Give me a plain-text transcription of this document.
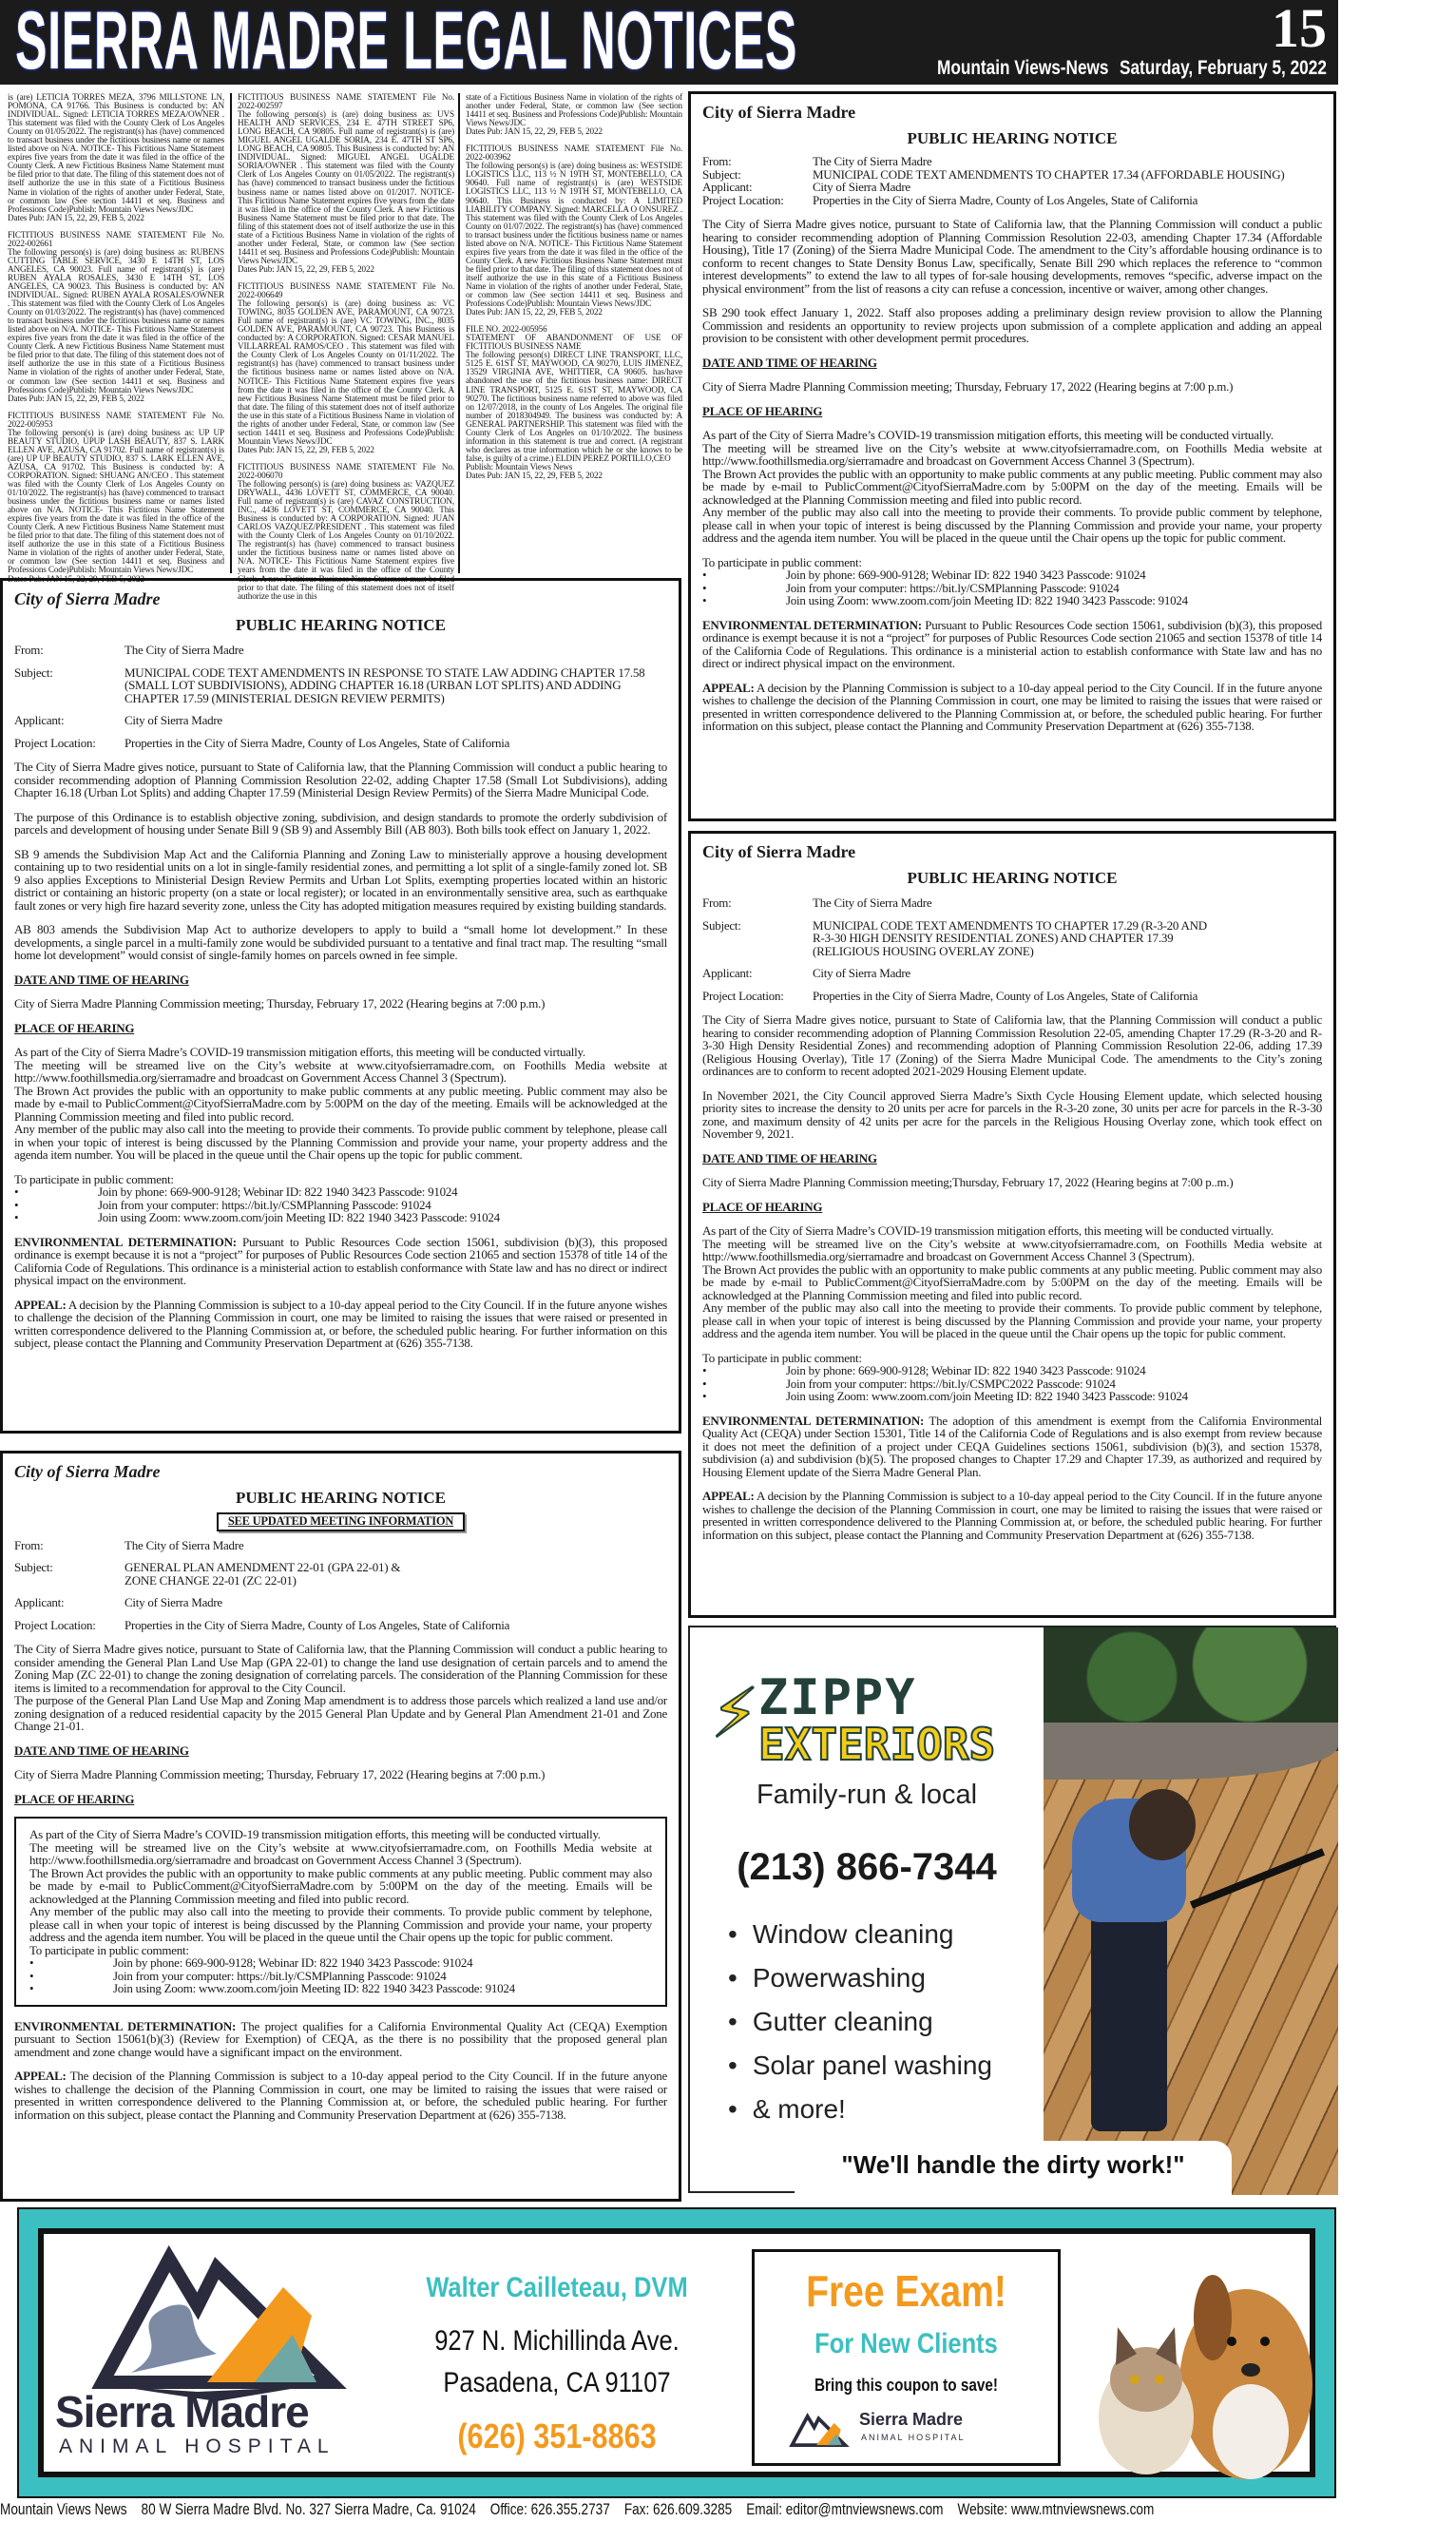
SIERRA MADRE LEGAL NOTICES	15
Mountain Views-News Saturday, February 5, 2022
is (are) LETICIA TORRES MEZA, 3796 MILLSTONE LN, POMONA, CA 91766. This Business is conducted by: AN INDIVIDUAL. Signed: LETICIA TORRES MEZA/OWNER . This statement was filed with the County Clerk of Los Angeles County on 01/05/2022. The registrant(s) has (have) commenced to transact business under the fictitious business name or names listed above on N/A. NOTICE- This Fictitious Name Statement expires five years from the date it was filed in the office of the County Clerk. A new Fictitious Business Name Statement must be filed prior to that date. The filing of this statement does not of itself authorize the use in this state of a Fictitious Business Name in violation of the rights of another under Federal, State, or common law (See section 14411 et seq. Business and Professions Code)Publish: Mountain Views News/JDC
Dates Pub: JAN 15, 22, 29, FEB 5, 2022
FICTITIOUS BUSINESS NAME STATEMENT File No. 2022-002661
The following person(s) is (are) doing business as: RUBENS CUTTING TABLE SERVICE, 3430 E 14TH ST, LOS ANGELES, CA 90023. Full name of registrant(s) is (are) RUBEN AYALA ROSALES, 3430 E 14TH ST, LOS ANGELES, CA 90023. This Business is conducted by: AN INDIVIDUAL. Signed: RUBEN AYALA ROSALES/OWNER . This statement was filed with the County Clerk of Los Angeles County on 01/03/2022. The registrant(s) has (have) commenced to transact business under the fictitious business name or names listed above on N/A. NOTICE- This Fictitious Name Statement expires five years from the date it was filed in the office of the County Clerk. A new Fictitious Business Name Statement must be filed prior to that date. The filing of this statement does not of itself authorize the use in this state of a Fictitious Business Name in violation of the rights of another under Federal, State, or common law (See section 14411 et seq. Business and Professions Code)Publish: Mountain Views News/JDC
Dates Pub: JAN 15, 22, 29, FEB 5, 2022
FICTITIOUS BUSINESS NAME STATEMENT File No. 2022-005953
The following person(s) is (are) doing business as: UP UP BEAUTY STUDIO, UPUP LASH BEAUTY, 837 S. LARK ELLEN AVE, AZUSA, CA 91702. Full name of registrant(s) is (are) UP UP BEAUTY STUDIO, 837 S. LARK ELLEN AVE, AZUSA, CA 91702. This Business is conducted by: A CORPORATION. Signed: SHUANG AN/CEO . This statement was filed with the County Clerk of Los Angeles County on 01/10/2022. The registrant(s) has (have) commenced to transact business under the fictitious business name or names listed above on N/A. NOTICE- This Fictitious Name Statement expires five years from the date it was filed in the office of the County Clerk. A new Fictitious Business Name Statement must be filed prior to that date. The filing of this statement does not of itself authorize the use in this state of a Fictitious Business Name in violation of the rights of another under Federal, State, or common law (See section 14411 et seq. Business and Professions Code)Publish: Mountain Views News/JDC
Dates Pub: JAN 15, 22, 29, FEB 5, 2022
FICTITIOUS BUSINESS NAME STATEMENT File No. 2022-002597
The following person(s) is (are) doing business as: UVS HEALTH AND SERVICES, 234 E. 47TH STREET SP6, LONG BEACH, CA 90805. Full name of registrant(s) is (are) MIGUEL ANGEL UGALDE SORIA, 234 E. 47TH ST SP6, LONG BEACH, CA 90805. This Business is conducted by: AN INDIVIDUAL. Signed: MIGUEL ANGEL UGALDE SORIA/OWNER . This statement was filed with the County Clerk of Los Angeles County on 01/05/2022. The registrant(s) has (have) commenced to transact business under the fictitious business name or names listed above on 01/2017. NOTICE- This Fictitious Name Statement expires five years from the date it was filed in the office of the County Clerk. A new Fictitious Business Name Statement must be filed prior to that date. The filing of this statement does not of itself authorize the use in this state of a Fictitious Business Name in violation of the rights of another under Federal, State, or common law (See section 14411 et seq. Business and Professions Code)Publish: Mountain Views News/JDC
Dates Pub: JAN 15, 22, 29, FEB 5, 2022
FICTITIOUS BUSINESS NAME STATEMENT File No. 2022-006649
The following person(s) is (are) doing business as: VC TOWING, 8035 GOLDEN AVE, PARAMOUNT, CA 90723. Full name of registrant(s) is (are) VC TOWING, INC., 8035 GOLDEN AVE, PARAMOUNT, CA 90723. This Business is conducted by: A CORPORATION. Signed: CESAR MANUEL VILLARREAL RAMOS/CEO . This statement was filed with the County Clerk of Los Angeles County on 01/11/2022. The registrant(s) has (have) commenced to transact business under the fictitious business name or names listed above on N/A. NOTICE- This Fictitious Name Statement expires five years from the date it was filed in the office of the County Clerk. A new Fictitious Business Name Statement must be filed prior to that date. The filing of this statement does not of itself authorize the use in this state of a Fictitious Business Name in violation of the rights of another under Federal, State, or common law (See section 14411 et seq. Business and Professions Code)Publish: Mountain Views News/JDC
Dates Pub: JAN 15, 22, 29, FEB 5, 2022
FICTITIOUS BUSINESS NAME STATEMENT File No. 2022-006070
The following person(s) is (are) doing business as: VAZQUEZ DRYWALL, 4436 LOVETT ST, COMMERCE, CA 90040. Full name of registrant(s) is (are) CAVAZ CONSTRUCTION, INC., 4436 LOVETT ST, COMMERCE, CA 90040. This Business is conducted by: A CORPORATION. Signed: JUAN CARLOS VAZQUEZ/PRESIDENT . This statement was filed with the County Clerk of Los Angeles County on 01/10/2022. The registrant(s) has (have) commenced to transact business under the fictitious business name or names listed above on N/A. NOTICE- This Fictitious Name Statement expires five years from the date it was filed in the office of the County Clerk. A new Fictitious Business Name Statement must be filed prior to that date. The filing of this statement does not of itself authorize the use in this
state of a Fictitious Business Name in violation of the rights of another under Federal, State, or common law (See section 14411 et seq. Business and Professions Code)Publish: Mountain Views News/JDC
Dates Pub: JAN 15, 22, 29, FEB 5, 2022
FICTITIOUS BUSINESS NAME STATEMENT File No. 2022-003962
The following person(s) is (are) doing business as: WESTSIDE LOGISTICS LLC, 113 ½ N 19TH ST, MONTEBELLO, CA 90640. Full name of registrant(s) is (are) WESTSIDE LOGISTICS LLC, 113 ½ N 19TH ST, MONTEBELLO, CA 90640. This Business is conducted by: A LIMITED LIABILITY COMPANY. Signed: MARCELLA O ONSUREZ . This statement was filed with the County Clerk of Los Angeles County on 01/07/2022. The registrant(s) has (have) commenced to transact business under the fictitious business name or names listed above on N/A. NOTICE- This Fictitious Name Statement expires five years from the date it was filed in the office of the County Clerk. A new Fictitious Business Name Statement must be filed prior to that date. The filing of this statement does not of itself authorize the use in this state of a Fictitious Business Name in violation of the rights of another under Federal, State, or common law (See section 14411 et seq. Business and Professions Code)Publish: Mountain Views News/JDC
Dates Pub: JAN 15, 22, 29, FEB 5, 2022
FILE NO. 2022-005956
STATEMENT OF ABANDONMENT OF USE OF FICTITIOUS BUSINESS NAME
The following person(s) DIRECT LINE TRANSPORT, LLC, 5125 E. 61ST ST, MAYWOOD, CA 90270, LUIS JIMENEZ, 13529 VIRGINIA AVE, WHITTIER, CA 90605. has/have abandoned the use of the fictitious business name: DIRECT LINE TRANSPORT, 5125 E. 61ST ST, MAYWOOD, CA 90270. The fictitious business name referred to above was filed on 12/07/2018, in the county of Los Angeles. The original file number of 2018304949. The business was conducted by: A GENERAL PARTNERSHIP. This statement was filed with the County Clerk of Los Angeles on 01/10/2022. The business information in this statement is true and correct. (A registrant who declares as true information which he or she knows to be false, is guilty of a crime.) ELDIN PEREZ PORTILLO,CEO
Publish: Mountain Views News
Dates Pub: JAN 15, 22, 29, FEB 5, 2022
City of Sierra Madre
PUBLIC HEARING NOTICE
From:	The City of Sierra Madre
Subject:	MUNICIPAL CODE TEXT AMENDMENTS IN RESPONSE TO STATE LAW ADDING CHAPTER 17.58 (SMALL LOT SUBDIVISIONS), ADDING CHAPTER 16.18 (URBAN LOT SPLITS) AND ADDING CHAPTER 17.59 (MINISTERIAL DESIGN REVIEW PERMITS)
Applicant:	City of Sierra Madre
Project Location:	Properties in the City of Sierra Madre, County of Los Angeles, State of California
The City of Sierra Madre gives notice, pursuant to State of California law, that the Planning Commission will conduct a public hearing to consider recommending adoption of Planning Commission Resolution 22-02, adding Chapter 17.58 (Small Lot Subdivisions), adding Chapter 16.18 (Urban Lot Splits) and adding Chapter 17.59 (Ministerial Design Review Permits) of the Sierra Madre Municipal Code.
The purpose of this Ordinance is to establish objective zoning, subdivision, and design standards to promote the orderly subdivision of parcels and development of housing under Senate Bill 9 (SB 9) and Assembly Bill (AB 803). Both bills took effect on January 1, 2022.
SB 9 amends the Subdivision Map Act and the California Planning and Zoning Law to ministerially approve a housing development containing up to two residential units on a lot in single-family residential zones, and permitting a lot split of a single-family zoned lot. SB 9 also applies Exceptions to Ministerial Design Review Permits and Urban Lot Splits, exempting properties located within an historic district or containing an historic property (on a state or local register); or located in an environmentally sensitive area, such as earthquake fault zones or very high fire hazard severity zone, unless the City has adopted mitigation measures required by existing building standards.
AB 803 amends the Subdivision Map Act to authorize developers to apply to build a “small home lot development.” In these developments, a single parcel in a multi-family zone would be subdivided pursuant to a tentative and final tract map. The resulting “small home lot development” would consist of single-family homes on parcels owned in fee simple.
DATE AND TIME OF HEARING
City of Sierra Madre Planning Commission meeting; Thursday, February 17, 2022 (Hearing begins at 7:00 p.m.)
PLACE OF HEARING
As part of the City of Sierra Madre’s COVID-19 transmission mitigation efforts, this meeting will be conducted virtually.
The meeting will be streamed live on the City’s website at www.cityofsierramadre.com, on Foothills Media website at http://www.foothillsmedia.org/sierramadre and broadcast on Government Access Channel 3 (Spectrum).
The Brown Act provides the public with an opportunity to make public comments at any public meeting. Public comment may also be made by e-mail to PublicComment@CityofSierraMadre.com by 5:00PM on the day of the meeting. Emails will be acknowledged at the Planning Commission meeting and filed into public record.
Any member of the public may also call into the meeting to provide their comments. To provide public comment by telephone, please call in when your topic of interest is being discussed by the Planning Commission and provide your name, your property address and the agenda item number. You will be placed in the queue until the Chair opens up the topic for public comment.
To participate in public comment:
•	Join by phone: 669-900-9128; Webinar ID: 822 1940 3423 Passcode: 91024
•	Join from your computer: https://bit.ly/CSMPlanning Passcode: 91024
•	Join using Zoom: www.zoom.com/join Meeting ID: 822 1940 3423 Passcode: 91024
ENVIRONMENTAL DETERMINATION: Pursuant to Public Resources Code section 15061, subdivision (b)(3), this proposed ordinance is exempt because it is not a “project” for purposes of Public Resources Code section 21065 and section 15378 of title 14 of the California Code of Regulations. This ordinance is a ministerial action to establish conformance with State law and has no direct or indirect physical impact on the environment.
APPEAL: A decision by the Planning Commission is subject to a 10-day appeal period to the City Council. If in the future anyone wishes to challenge the decision of the Planning Commission in court, one may be limited to raising the issues that were raised or presented in written correspondence delivered to the Planning Commission at, or before, the scheduled public hearing. For further information on this subject, please contact the Planning and Community Preservation Department at (626) 355-7138.
City of Sierra Madre
PUBLIC HEARING NOTICE
SEE UPDATED MEETING INFORMATION
From:	The City of Sierra Madre
Subject:	GENERAL PLAN AMENDMENT 22-01 (GPA 22-01) &
ZONE CHANGE 22-01 (ZC 22-01)
Applicant:	City of Sierra Madre
Project Location:	Properties in the City of Sierra Madre, County of Los Angeles, State of California
The City of Sierra Madre gives notice, pursuant to State of California law, that the Planning Commission will conduct a public hearing to consider amending the General Plan Land Use Map (GPA 22-01) to change the land use designation of certain parcels and to amend the Zoning Map (ZC 22-01) to change the zoning designation of correlating parcels. The consideration of the Planning Commission for these items is limited to a recommendation for approval to the City Council.
The purpose of the General Plan Land Use Map and Zoning Map amendment is to address those parcels which realized a land use and/or zoning designation of a reduced residential capacity by the 2015 General Plan Update and by General Plan Amendment 21-01 and Zone Change 21-01.
DATE AND TIME OF HEARING
City of Sierra Madre Planning Commission meeting; Thursday, February 17, 2022 (Hearing begins at 7:00 p.m.)
PLACE OF HEARING
As part of the City of Sierra Madre’s COVID-19 transmission mitigation efforts, this meeting will be conducted virtually.
The meeting will be streamed live on the City’s website at www.cityofsierramadre.com, on Foothills Media website at http://www.foothillsmedia.org/sierramadre and broadcast on Government Access Channel 3 (Spectrum).
The Brown Act provides the public with an opportunity to make public comments at any public meeting. Public comment may also be made by e-mail to PublicComment@CityofSierraMadre.com by 5:00PM on the day of the meeting. Emails will be acknowledged at the Planning Commission meeting and filed into public record.
Any member of the public may also call into the meeting to provide their comments. To provide public comment by telephone, please call in when your topic of interest is being discussed by the Planning Commission and provide your name, your property address and the agenda item number. You will be placed in the queue until the Chair opens up the topic for public comment.
To participate in public comment:
•	Join by phone: 669-900-9128; Webinar ID: 822 1940 3423 Passcode: 91024
•	Join from your computer: https://bit.ly/CSMPlanning Passcode: 91024
•	Join using Zoom: www.zoom.com/join Meeting ID: 822 1940 3423 Passcode: 91024
ENVIRONMENTAL DETERMINATION: The project qualifies for a California Environmental Quality Act (CEQA) Exemption pursuant to Section 15061(b)(3) (Review for Exemption) of CEQA, as the there is no possibility that the proposed general plan amendment and zone change would have a significant impact on the environment.
APPEAL: The decision of the Planning Commission is subject to a 10-day appeal period to the City Council. If in the future anyone wishes to challenge the decision of the Planning Commission in court, one may be limited to raising the issues that were raised or presented in written correspondence delivered to the Planning Commission at, or before, the scheduled public hearing. For further information on this subject, please contact the Planning and Community Preservation Department at (626) 355-7138.
City of Sierra Madre
PUBLIC HEARING NOTICE
From:	The City of Sierra Madre
Subject:	MUNICIPAL CODE TEXT AMENDMENTS TO CHAPTER 17.34 (AFFORDABLE HOUSING)
Applicant:	City of Sierra Madre
Project Location:	Properties in the City of Sierra Madre, County of Los Angeles, State of California
The City of Sierra Madre gives notice, pursuant to State of California law, that the Planning Commission will conduct a public hearing to consider recommending adoption of Planning Commission Resolution 22-03, amending Chapter 17.34 (Affordable Housing), Title 17 (Zoning) of the Sierra Madre Municipal Code. The amendment to the City’s affordable housing ordinance is to conform to recent changes to State Density Bonus Law, specifically, Senate Bill 290 which replaces the reference to “common interest developments” to extend the law to all types of for-sale housing developments, removes “specific, adverse impact on the physical environment” from the list of reasons a city can refuse a concession, incentive or waiver, among other changes.
SB 290 took effect January 1, 2022. Staff also proposes adding a preliminary design review provision to allow the Planning Commission and residents an opportunity to review projects upon submission of a complete application and adding an appeal provision to be consistent with other development permit procedures.
DATE AND TIME OF HEARING
City of Sierra Madre Planning Commission meeting; Thursday, February 17, 2022 (Hearing begins at 7:00 p.m.)
PLACE OF HEARING
As part of the City of Sierra Madre’s COVID-19 transmission mitigation efforts, this meeting will be conducted virtually.
The meeting will be streamed live on the City’s website at www.cityofsierramadre.com, on Foothills Media website at http://www.foothillsmedia.org/sierramadre and broadcast on Government Access Channel 3 (Spectrum).
The Brown Act provides the public with an opportunity to make public comments at any public meeting. Public comment may also be made by e-mail to PublicComment@CityofSierraMadre.com by 5:00PM on the day of the meeting. Emails will be acknowledged at the Planning Commission meeting and filed into public record.
Any member of the public may also call into the meeting to provide their comments. To provide public comment by telephone, please call in when your topic of interest is being discussed by the Planning Commission and provide your name, your property address and the agenda item number. You will be placed in the queue until the Chair opens up the topic for public comment.
To participate in public comment:
•	Join by phone: 669-900-9128; Webinar ID: 822 1940 3423 Passcode: 91024
•	Join from your computer: https://bit.ly/CSMPlanning Passcode: 91024
•	Join using Zoom: www.zoom.com/join Meeting ID: 822 1940 3423 Passcode: 91024
ENVIRONMENTAL DETERMINATION: Pursuant to Public Resources Code section 15061, subdivision (b)(3), this proposed ordinance is exempt because it is not a “project” for purposes of Public Resources Code section 21065 and section 15378 of title 14 of the California Code of Regulations. This ordinance is a ministerial action to establish conformance with State law and has no direct or indirect physical impact on the environment.
APPEAL: A decision by the Planning Commission is subject to a 10-day appeal period to the City Council. If in the future anyone wishes to challenge the decision of the Planning Commission in court, one may be limited to raising the issues that were raised or presented in written correspondence delivered to the Planning Commission at, or before, the scheduled public hearing. For further information on this subject, please contact the Planning and Community Preservation Department at (626) 355-7138.
City of Sierra Madre
PUBLIC HEARING NOTICE
From:	The City of Sierra Madre
Subject:	MUNICIPAL CODE TEXT AMENDMENTS TO CHAPTER 17.29 (R-3-20 AND
R-3-30 HIGH DENSITY RESIDENTIAL ZONES) AND CHAPTER 17.39
(RELIGIOUS HOUSING OVERLAY ZONE)
Applicant:	City of Sierra Madre
Project Location:	Properties in the City of Sierra Madre, County of Los Angeles, State of California
The City of Sierra Madre gives notice, pursuant to State of California law, that the Planning Commission will conduct a public hearing to consider recommending adoption of Planning Commission Resolution 22-05, amending Chapter 17.29 (R-3-20 and R-3-30 High Density Residential Zones) and recommending adoption of Planning Commission Resolution 22-06, adding 17.39 (Religious Housing Overlay), Title 17 (Zoning) of the Sierra Madre Municipal Code. The amendments to the City’s zoning ordinances are to conform to recent adopted 2021-2029 Housing Element update.
In November 2021, the City Council approved Sierra Madre’s Sixth Cycle Housing Element update, which selected housing priority sites to increase the density to 20 units per acre for parcels in the R-3-20 zone, 30 units per acre for parcels in the R-3-30 zone, and maximum density of 42 units per acre for the parcels in the Religious Housing Overlay zone, which took effect on November 9, 2021.
DATE AND TIME OF HEARING
City of Sierra Madre Planning Commission meeting;Thursday, February 17, 2022 (Hearing begins at 7:00 p..m.)
PLACE OF HEARING
As part of the City of Sierra Madre’s COVID-19 transmission mitigation efforts, this meeting will be conducted virtually.
The meeting will be streamed live on the City’s website at www.cityofsierramadre.com, on Foothills Media website at http://www.foothillsmedia.org/sierramadre and broadcast on Government Access Channel 3 (Spectrum).
The Brown Act provides the public with an opportunity to make public comments at any public meeting. Public comment may also be made by e-mail to PublicComment@CityofSierraMadre.com by 5:00PM on the day of the meeting. Emails will be acknowledged at the Planning Commission meeting and filed into public record.
Any member of the public may also call into the meeting to provide their comments. To provide public comment by telephone, please call in when your topic of interest is being discussed by the Planning Commission and provide your name, your property address and the agenda item number. You will be placed in the queue until the Chair opens up the topic for public comment.
To participate in public comment:
•	Join by phone: 669-900-9128; Webinar ID: 822 1940 3423 Passcode: 91024
•	Join from your computer: https://bit.ly/CSMPC2022 Passcode: 91024
•	Join using Zoom: www.zoom.com/join Meeting ID: 822 1940 3423 Passcode: 91024
ENVIRONMENTAL DETERMINATION: The adoption of this amendment is exempt from the California Environmental Quality Act (CEQA) under Section 15301, Title 14 of the California Code of Regulations and is also exempt from review because it does not meet the definition of a project under CEQA Guidelines sections 15061, subdivision (b)(3), and section 15378, subdivision (a) and subdivision (b)(5). The proposed changes to Chapter 17.29 and Chapter 17.39, as authorized and required by Housing Element update of the Sierra Madre General Plan.
APPEAL: A decision by the Planning Commission is subject to a 10-day appeal period to the City Council. If in the future anyone wishes to challenge the decision of the Planning Commission in court, one may be limited to raising the issues that were raised or presented in written correspondence delivered to the Planning Commission at, or before, the scheduled public hearing. For further information on this subject, please contact the Planning and Community Preservation Department at (626) 355-7138.
⚡ ZIPPY
EXTERIORS
Family-run & local
(213) 866-7344
• Window cleaning
• Powerwashing
• Gutter cleaning
• Solar panel washing
• & more!
"We'll handle the dirty work!"
Sierra Madre
ANIMAL HOSPITAL
Walter Cailleteau, DVM
927 N. Michillinda Ave.
Pasadena, CA 91107
(626) 351-8863
Free Exam!
For New Clients
Bring this coupon to save!
Sierra Madre
ANIMAL HOSPITAL
Mountain Views News 80 W Sierra Madre Blvd. No. 327 Sierra Madre, Ca. 91024 Office: 626.355.2737 Fax: 626.609.3285 Email: editor@mtnviewsnews.com Website: www.mtnviewsnews.com
